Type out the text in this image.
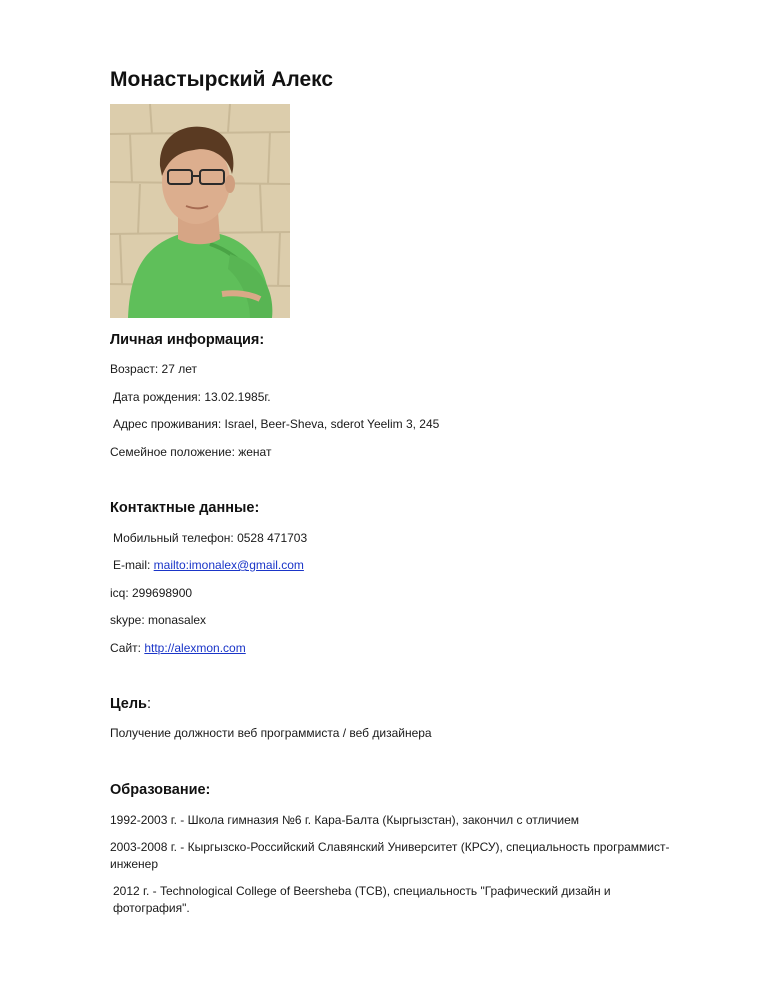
Монастырский Алекс
Личная информация:

Возраст: 27 лет

Дата рождения: 13.02.1985г.

Адрес проживания: Israel, Beer-Sheva, sderot Yeelim 3, 245

Семейное положение: женат

Контактные данные:

Мобильный телефон: 0528 471703

E-mail: mailto:imonalex@gmail.com

icq: 299698900

skype: monasalex

Сайт: http://alexmon.com

Цель:

Получение должности веб программиста / веб дизайнера

Образование:

1992-2003 г. - Школа гимназия №6 г. Кара-Балта (Кыргызстан), закончил с отличием

2003-2008 г. - Кыргызско-Российский Славянский Университет (КРСУ), специальность программист-инженер

2012 г. - Technological College of Beersheba (TCB), специальность "Графический дизайн и фотография".
